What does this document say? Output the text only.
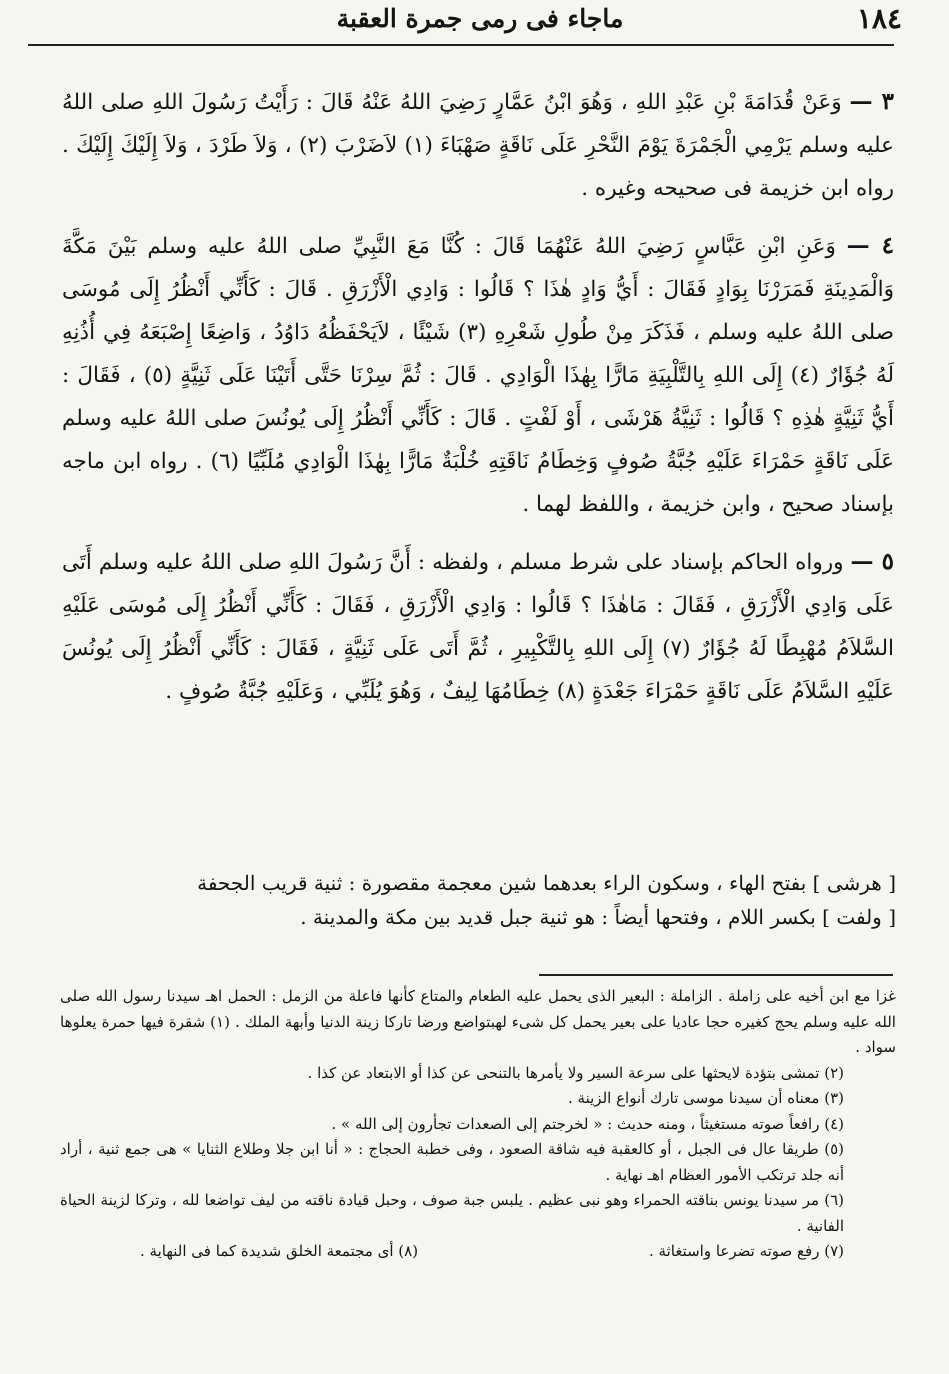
١٨٤
ماجاء فى رمى جمرة العقبة

٣ — وَعَنْ قُدَامَةَ بْنِ عَبْدِ اللهِ ، وَهُوَ ابْنُ عَمَّارٍ رَضِيَ اللهُ عَنْهُ قَالَ : رَأَيْتُ رَسُولَ اللهِ صلى اللهُ عليه وسلم يَرْمِي الْجَمْرَةَ يَوْمَ النَّحْرِ عَلَى نَاقَةٍ صَهْبَاءَ (١) لاَضَرْبَ (٢) ، وَلاَ طَرْدَ ، وَلاَ إِلَيْكَ إِلَيْكَ . رواه ابن خزيمة فى صحيحه وغيره .

٤ — وَعَنِ ابْنِ عَبَّاسٍ رَضِيَ اللهُ عَنْهُمَا قَالَ : كُنَّا مَعَ النَّبِيِّ صلى اللهُ عليه وسلم بَيْنَ مَكَّةَ وَالْمَدِينَةِ فَمَرَرْنَا بِوَادٍ فَقَالَ : أَيُّ وَادٍ هٰذَا ؟ قَالُوا : وَادِي الْأَزْرَقِ . قَالَ : كَأَنِّي أَنْظُرُ إِلَى مُوسَى صلى اللهُ عليه وسلم ، فَذَكَرَ مِنْ طُولِ شَعْرِهِ (٣) شَيْئًا ، لاَيَحْفَظُهُ دَاوُدُ ، وَاضِعًا إِصْبَعَهُ فِي أُذُنِهِ لَهُ جُؤَارٌ (٤) إِلَى اللهِ بِالتَّلْبِيَةِ مَارًّا بِهٰذَا الْوَادِي . قَالَ : ثُمَّ سِرْنَا حَتَّى أَتَيْنَا عَلَى ثَنِيَّةٍ (٥) ، فَقَالَ : أَيُّ ثَنِيَّةٍ هٰذِهِ ؟ قَالُوا : ثَنِيَّةُ هَرْشَى ، أَوْ لَفْتٍ . قَالَ : كَأَنِّي أَنْظُرُ إِلَى يُونُسَ صلى اللهُ عليه وسلم عَلَى نَاقَةٍ حَمْرَاءَ عَلَيْهِ جُبَّةُ صُوفٍ وَخِطَامُ نَاقَتِهِ خُلْبَةٌ مَارًّا بِهٰذَا الْوَادِي مُلَبِّيًا (٦) . رواه ابن ماجه بإسناد صحيح ، وابن خزيمة ، واللفظ لهما .

٥ — ورواه الحاكم بإسناد على شرط مسلم ، ولفظه : أَنَّ رَسُولَ اللهِ صلى اللهُ عليه وسلم أَتَى عَلَى وَادِي الْأَزْرَقِ ، فَقَالَ : مَاهٰذَا ؟ قَالُوا : وَادِي الْأَزْرَقِ ، فَقَالَ : كَأَنِّي أَنْظُرُ إِلَى مُوسَى عَلَيْهِ السَّلاَمُ مُهْبِطًا لَهُ جُؤَارٌ (٧) إِلَى اللهِ بِالتَّكْبِيرِ ، ثُمَّ أَتَى عَلَى ثَنِيَّةٍ ، فَقَالَ : كَأَنِّي أَنْظُرُ إِلَى يُونُسَ عَلَيْهِ السَّلاَمُ عَلَى نَاقَةٍ حَمْرَاءَ جَعْدَةٍ (٨) خِطَامُهَا لِيفٌ ، وَهُوَ يُلَبِّي ، وَعَلَيْهِ جُبَّةُ صُوفٍ .

[ هرشى ] بفتح الهاء ، وسكون الراء بعدهما شين معجمة مقصورة : ثنية قريب الجحفة

[ ولفت ] بكسر اللام ، وفتحها أيضاً : هو ثنية جبل قديد بين مكة والمدينة .

غزا مع ابن أخيه على زاملة . الزاملة : البعير الذى يحمل عليه الطعام والمتاع كأنها فاعلة من الزمل : الحمل اهـ سيدنا رسول الله صلى الله عليه وسلم يحج كغيره حجا عاديا على بعير يحمل كل شىء لهبتواضع ورضا تاركا زينة الدنيا وأبهة الملك . (١) شقرة فيها حمرة يعلوها سواد .

(٢) تمشى بتؤدة لايحثها على سرعة السير ولا يأمرها بالتنحى عن كذا أو الابتعاد عن كذا .

(٣) معناه أن سيدنا موسى تارك أنواع الزينة .

(٤) رافعاً صوته مستغيثاً ، ومنه حديث : « لخرجتم إلى الصعدات تجأرون إلى الله » .

(٥) طريقا عال فى الجبل ، أو كالعقبة فيه شاقة الصعود ، وفى خطبة الحجاج : « أنا ابن جلا وطلاع الثنايا » هى جمع ثنية ، أراد أنه جلد ترتكب الأمور العظام اهـ نهاية .

(٦) مر سيدنا يونس بناقته الحمراء وهو نبى عظيم . يلبس جبة صوف ، وحبل قيادة ناقته من ليف تواضعا لله ، وتركا لزينة الحياة الفانية .

(٧) رفع صوته تضرعا واستغاثة .
(٨) أى مجتمعة الخلق شديدة كما فى النهاية .
